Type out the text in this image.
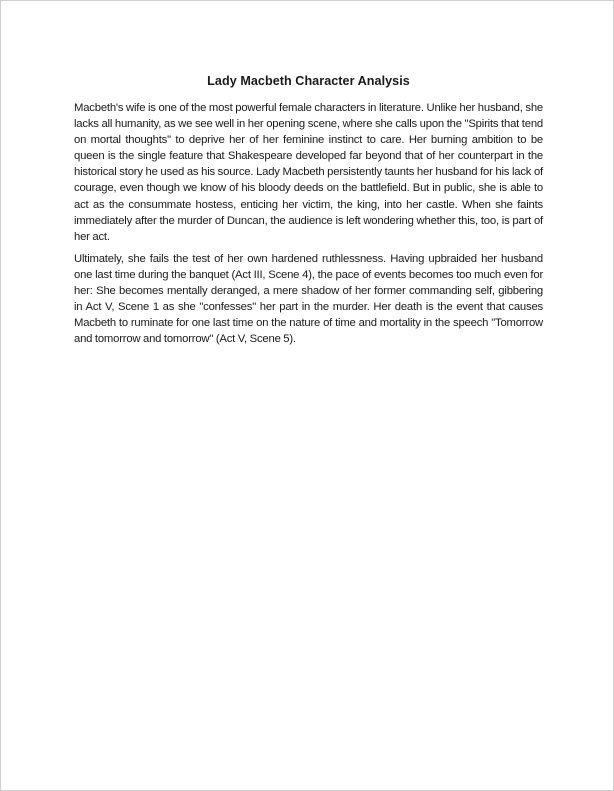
Lady Macbeth Character Analysis

Macbeth's wife is one of the most powerful female characters in literature. Unlike her husband, she lacks all humanity, as we see well in her opening scene, where she calls upon the "Spirits that tend on mortal thoughts" to deprive her of her feminine instinct to care. Her burning ambition to be queen is the single feature that Shakespeare developed far beyond that of her counterpart in the historical story he used as his source. Lady Macbeth persistently taunts her husband for his lack of courage, even though we know of his bloody deeds on the battlefield. But in public, she is able to act as the consummate hostess, enticing her victim, the king, into her castle. When she faints immediately after the murder of Duncan, the audience is left wondering whether this, too, is part of her act.

Ultimately, she fails the test of her own hardened ruthlessness. Having upbraided her husband one last time during the banquet (Act III, Scene 4), the pace of events becomes too much even for her: She becomes mentally deranged, a mere shadow of her former commanding self, gibbering in Act V, Scene 1 as she "confesses" her part in the murder. Her death is the event that causes Macbeth to ruminate for one last time on the nature of time and mortality in the speech "Tomorrow and tomorrow and tomorrow" (Act V, Scene 5).
